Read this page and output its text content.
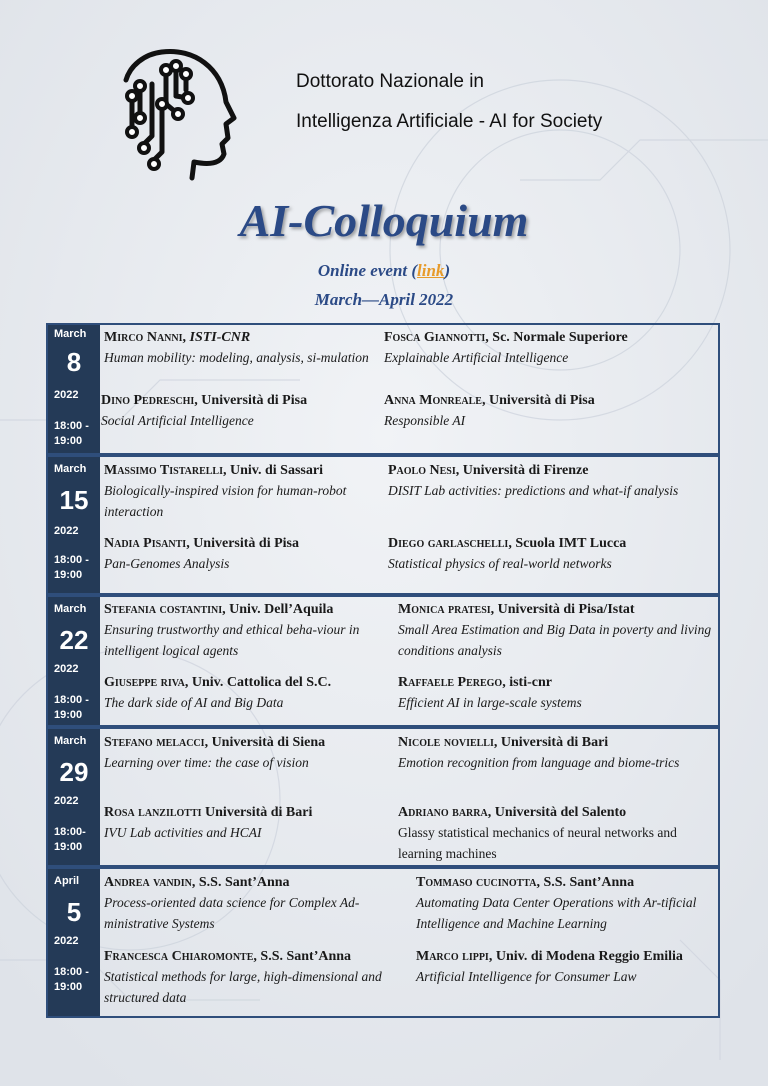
Dottorato Nazionale in
Intelligenza Artificiale - AI for Society
AI-Colloquium
Online event (link)
March—April 2022
March
8
2022
18:00 -
19:00
Mirco Nanni, ISTI-CNR
Human mobility: modeling, analysis, si-mulation
Fosca Giannotti, Sc. Normale Superiore
Explainable Artificial Intelligence
Dino Pedreschi, Università di Pisa
Social Artificial Intelligence
Anna Monreale, Università di Pisa
Responsible AI
March
15
2022
18:00 -
19:00
Massimo Tistarelli, Univ. di Sassari
Biologically-inspired vision for human-robot interaction
Paolo Nesi, Università di Firenze
DISIT Lab activities: predictions and what-if analysis
Nadia Pisanti, Università di Pisa
Pan-Genomes Analysis
Diego garlaschelli, Scuola IMT Lucca
Statistical physics of real-world networks
March
22
2022
18:00 -
19:00
Stefania costantini, Univ. Dell’Aquila
Ensuring trustworthy and ethical beha-viour in intelligent logical agents
Monica pratesi, Università di Pisa/Istat
Small Area Estimation and Big Data in poverty and living conditions analysis
Giuseppe riva, Univ. Cattolica del S.C.
The dark side of AI and Big Data
Raffaele Perego, isti-cnr
Efficient AI in large-scale systems
March
29
2022
18:00-
19:00
Stefano melacci, Università di Siena
Learning over time: the case of vision
Nicole novielli, Università di Bari
Emotion recognition from language and biome-trics
Rosa lanzilotti Università di Bari
IVU Lab activities and HCAI
Adriano barra, Università del Salento
Glassy statistical mechanics of neural networks and learning machines
April
5
2022
18:00 -
19:00
Andrea vandin, S.S. Sant’Anna
Process-oriented data science for Complex Ad-ministrative Systems
Tommaso cucinotta, S.S. Sant’Anna
Automating Data Center Operations with Ar-tificial Intelligence and Machine Learning
Francesca Chiaromonte, S.S. Sant’Anna
Statistical methods for large, high-dimensional and structured data
Marco lippi, Univ. di Modena Reggio Emilia
Artificial Intelligence for Consumer Law
